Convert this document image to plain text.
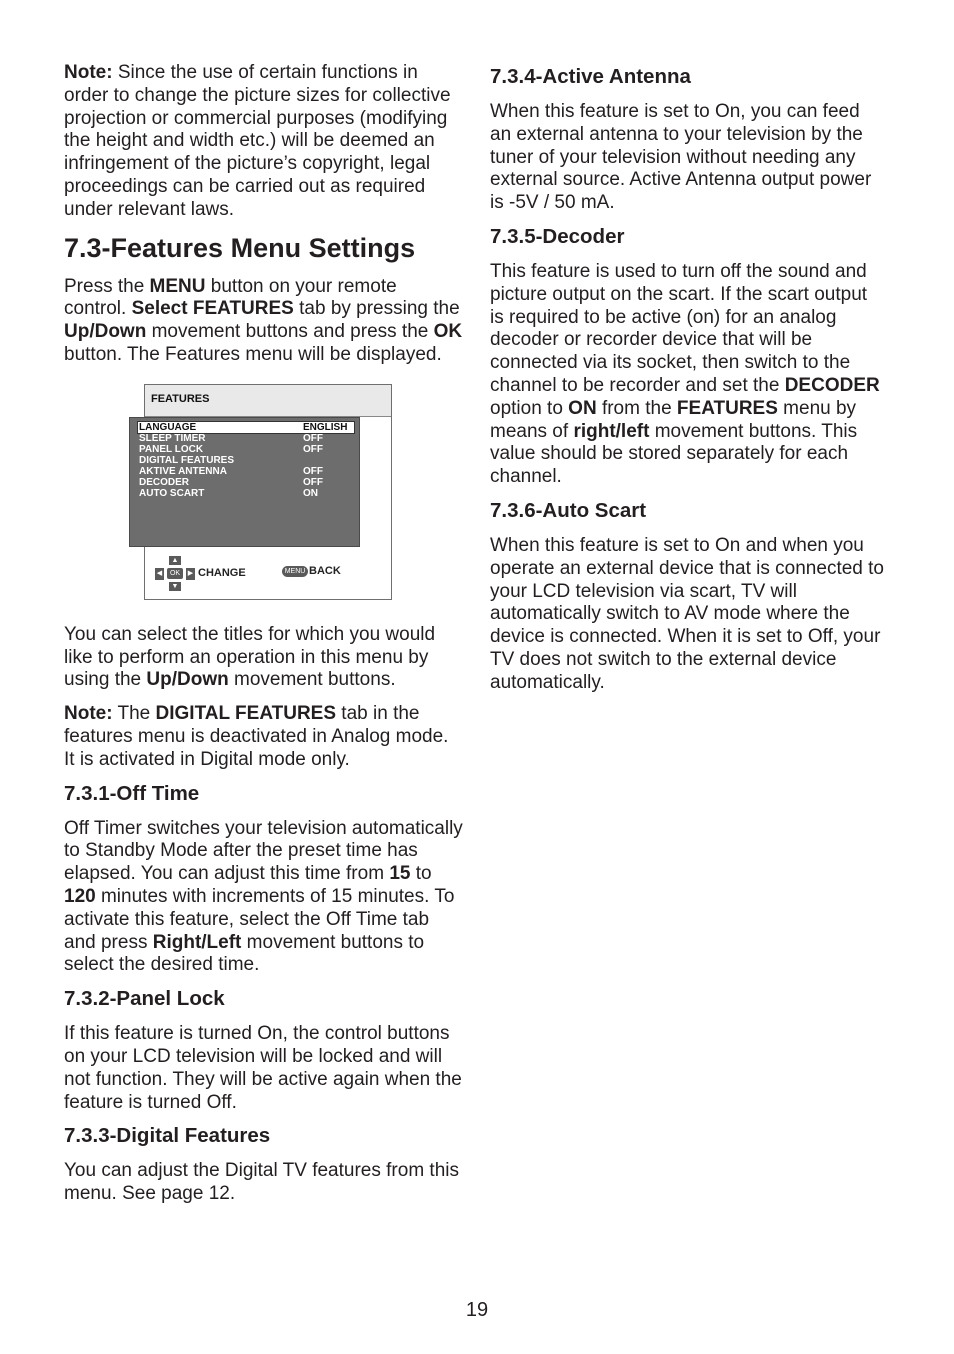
Note: Since the use of certain functions in order to change the picture sizes for collective projection or commercial purposes (modifying the height and width etc.) will be deemed an infringement of the picture’s copyright, legal proceedings can be carried out as required under relevant laws.

7.3-Features Menu Settings

Press the MENU button on your remote control. Select FEATURES tab by pressing the Up/Down movement buttons and press the OK button. The Features menu will be displayed.

FEATURES
LANGUAGE	ENGLISH
SLEEP TIMER	OFF
PANEL LOCK	OFF
DIGITAL FEATURES
AKTIVE ANTENNA	OFF
DECODER	OFF
AUTO SCART	ON
▲
◀	OK	▶
▼
CHANGE	MENU BACK

You can select the titles for which you would like to perform an operation in this menu by using the Up/Down movement buttons.

Note: The DIGITAL FEATURES tab in the features menu is deactivated in Analog mode. It is activated in Digital mode only.

7.3.1-Off Time

Off Timer switches your television automatically to Standby Mode after the preset time has elapsed. You can adjust this time from 15 to 120 minutes with increments of 15 minutes. To activate this feature, select the Off Time tab and press Right/Left movement buttons to select the desired time.

7.3.2-Panel Lock

If this feature is turned On, the control buttons on your LCD television will be locked and will not function. They will be active again when the feature is turned Off.

7.3.3-Digital Features

You can adjust the Digital TV features from this menu. See page 12.

7.3.4-Active Antenna

When this feature is set to On, you can feed an external antenna to your television by the tuner of your television without needing any external source. Active Antenna output power is -5V / 50 mA.

7.3.5-Decoder

This feature is used to turn off the sound and picture output on the scart. If the scart output is required to be active (on) for an analog decoder or recorder device that will be connected via its socket, then switch to the channel to be recorder and set the DECODER option to ON from the FEATURES menu by means of right/left movement buttons. This value should be stored separately for each channel.

7.3.6-Auto Scart

When this feature is set to On and when you operate an external device that is connected to your LCD television via scart, TV will automatically switch to AV mode where the device is connected. When it is set to Off, your TV does not switch to the external device automatically.

19
